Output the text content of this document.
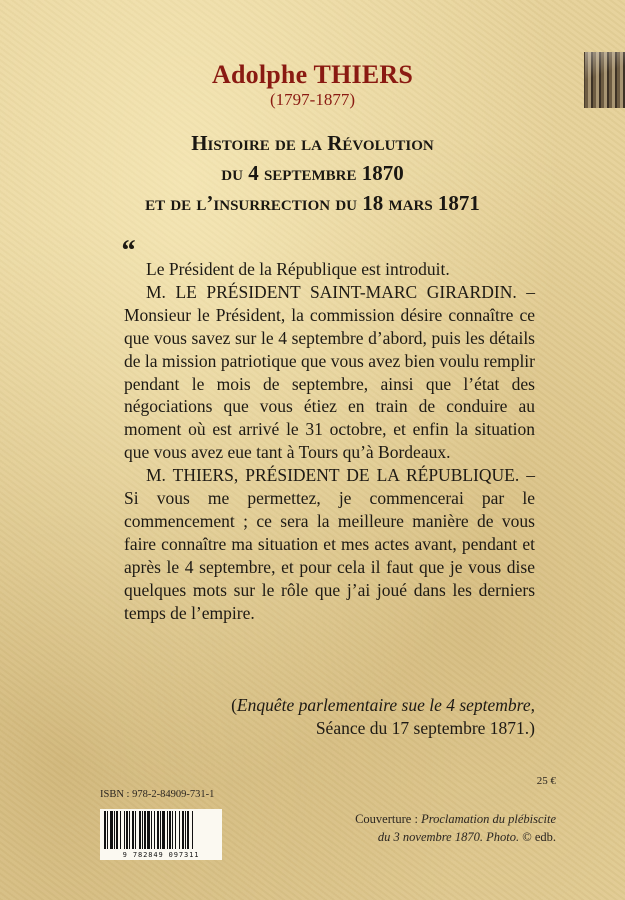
Adolphe THIERS
(1797-1877)
Histoire de la Révolution
du 4 septembre 1870
et de l’insurrection du 18 mars 1871
“

Le Président de la République est introduit.

M. LE PRÉSIDENT SAINT-MARC GIRARDIN. – Monsieur le Président, la commission désire connaître ce que vous savez sur le 4 septembre d’abord, puis les détails de la mission patriotique que vous avez bien voulu remplir pendant le mois de septembre, ainsi que l’état des négociations que vous étiez en train de conduire au moment où est arrivé le 31 octobre, et enfin la situation que vous avez eue tant à Tours qu’à Bordeaux.

M. THIERS, PRÉSIDENT DE LA RÉPUBLIQUE. – Si vous me permettez, je commencerai par le commencement ; ce sera la meilleure manière de vous faire connaître ma situation et mes actes avant, pendant et après le 4 septembre, et pour cela il faut que je vous dise quelques mots sur le rôle que j’ai joué dans les derniers temps de l’empire.

(Enquête parlementaire sue le 4 septembre,
Séance du 17 septembre 1871.)
ISBN : 978-2-84909-731-1
25 €
Couverture : Proclamation du plébiscite
du 3 novembre 1870. Photo. © edb.
9 782849 097311
